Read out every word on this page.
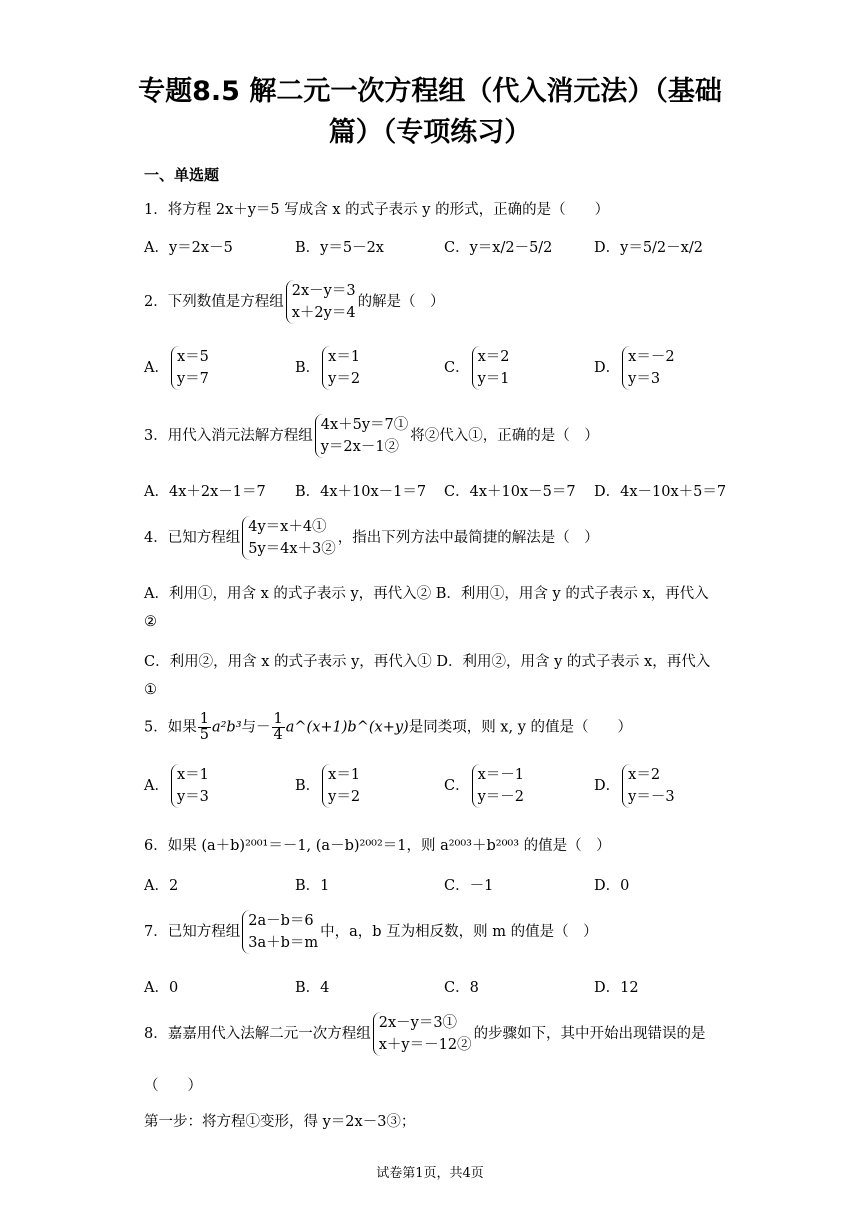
专题8.5 解二元一次方程组（代入消元法）（基础
篇）（专项练习）
一、单选题
1．将方程 2x＋y＝5 写成含 x 的式子表示 y 的形式，正确的是（　　）
A．y＝2x－5	B．y＝5－2x	C．y＝x/2－5/2	D．y＝5/2－x/2
2．下列数值是方程组
2x－y＝3
x＋2y＝4
的解是（　）
A．
x＝5
y＝7
B．
x＝1
y＝2
C．
x＝2
y＝1
D．
x＝－2
y＝3
3．用代入消元法解方程组
4x＋5y＝7①
y＝2x－1②
将②代入①，正确的是（　）
A．4x＋2x－1＝7 B．4x＋10x－1＝7 C．4x＋10x－5＝7 D．4x－10x＋5＝7
4．已知方程组
4y＝x＋4①
5y＝4x＋3②
，指出下列方法中最简捷的解法是（　）
A．利用①，用含 x 的式子表示 y，再代入② B．利用①，用含 y 的式子表示 x，再代入
②
C．利用②，用含 x 的式子表示 y，再代入① D．利用②，用含 y 的式子表示 x，再代入
①
5．如果 $\frac{1}{5} a^2b^3$与－ $\frac{1}{4}$ a^(x+1)b^(x+y)是同类项，则 x, y 的值是（　　）
A．
x＝1
y＝3
B．
x＝1
y＝2
C．
x＝－1
y＝－2
D．
x＝2
y＝－3
6．如果 (a＋b)²⁰⁰¹＝－1, (a－b)²⁰⁰²＝1，则 a²⁰⁰³＋b²⁰⁰³ 的值是（　）
A．2	B．1	C．－1	D．0
7．已知方程组
2a－b＝6
3a＋b＝m
中，a，b 互为相反数，则 m 的值是（　）
A．0	B．4	C．8	D．12
8．嘉嘉用代入法解二元一次方程组
2x－y＝3①
x＋y＝－12②
的步骤如下，其中开始出现错误的是
（　　）
第一步：将方程①变形，得 y＝2x－3③；
试卷第1页，共4页
